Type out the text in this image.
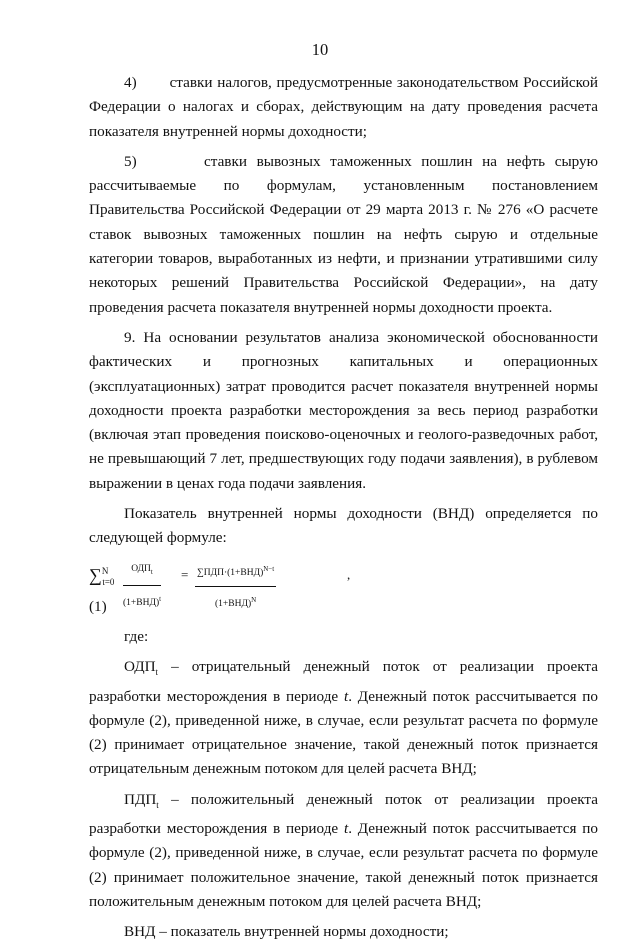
10

4) ставки налогов, предусмотренные законодательством Российской Федерации о налогах и сборах, действующим на дату проведения расчета показателя внутренней нормы доходности;

5)	ставки вывозных таможенных пошлин на нефть сырую рассчитываемые по формулам, установленным постановлением Правительства Российской Федерации от 29 марта 2013 г. № 276 «О расчете ставок вывозных таможенных пошлин на нефть сырую и отдельные категории товаров, выработанных из нефти, и признании утратившими силу некоторых решений Правительства Российской Федерации», на дату проведения расчета показателя внутренней нормы доходности проекта.

9. На основании результатов анализа экономической обоснованности фактических и прогнозных капитальных и операционных (эксплуатационных) затрат проводится расчет показателя внутренней нормы доходности проекта разработки месторождения за весь период разработки (включая этап проведения поисково-оценочных и геолого-разведочных работ, не превышающий 7 лет, предшествующих году подачи заявления), в рублевом выражении в ценах года подачи заявления.

Показатель внутренней нормы доходности (ВНД) определяется по следующей формуле:

∑$^N_{t=0}$
$ОДП_t$
$(1+ВНД)^t$
= $\sum ПДП\cdot(1+ВНД)^{N-t}$
$(1+ВНД)^N$
,

(1)

где:

$ОДП_t$ – отрицательный денежный поток от реализации проекта разработки месторождения в периоде t. Денежный поток рассчитывается по формуле (2), приведенной ниже, в случае, если результат расчета по формуле (2) принимает отрицательное значение, такой денежный поток признается отрицательным денежным потоком для целей расчета ВНД;

$ПДП_t$ – положительный денежный поток от реализации проекта разработки месторождения в периоде t. Денежный поток рассчитывается по формуле (2), приведенной ниже, в случае, если результат расчета по формуле (2) принимает положительное значение, такой денежный поток признается положительным денежным потоком для целей расчета ВНД;

ВНД – показатель внутренней нормы доходности;
